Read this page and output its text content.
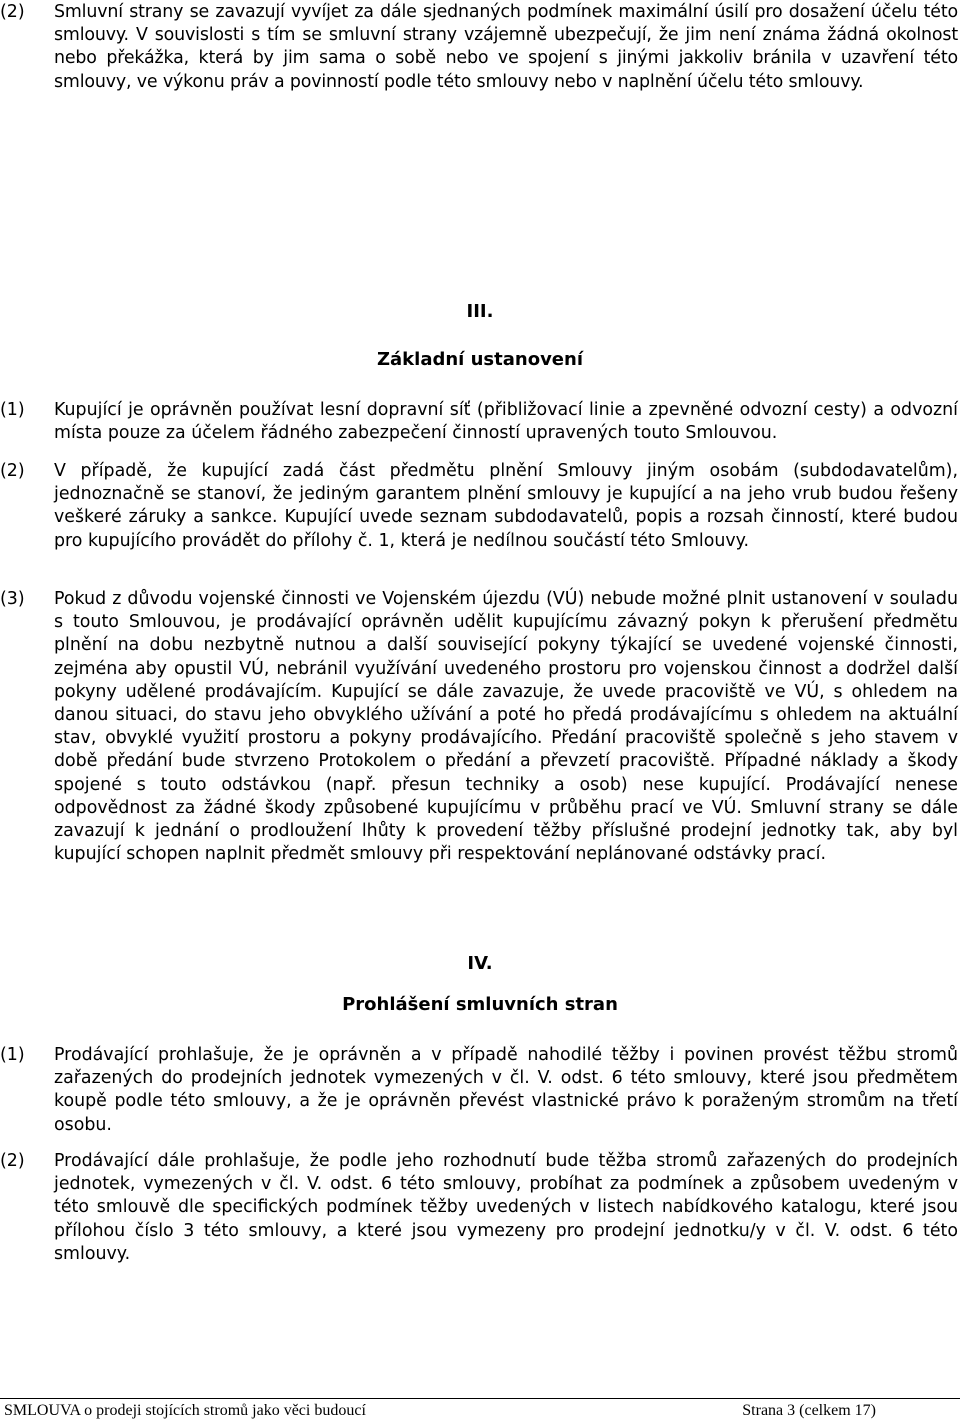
(2) Smluvní strany se zavazují vyvíjet za dále sjednaných podmínek maximální úsilí pro dosažení účelu této smlouvy. V souvislosti s tím se smluvní strany vzájemně ubezpečují, že jim není známa žádná okolnost nebo překážka, která by jim sama o sobě nebo ve spojení s jinými jakkoliv bránila v uzavření této smlouvy, ve výkonu práv a povinností podle této smlouvy nebo v naplnění účelu této smlouvy.
III.
Základní ustanovení
(1) Kupující je oprávněn používat lesní dopravní síť (přibližovací linie a zpevněné odvozní cesty) a odvozní místa pouze za účelem řádného zabezpečení činností upravených touto Smlouvou.
(2) V případě, že kupující zadá část předmětu plnění Smlouvy jiným osobám (subdodavatelům), jednoznačně se stanoví, že jediným garantem plnění smlouvy je kupující a na jeho vrub budou řešeny veškeré záruky a sankce. Kupující uvede seznam subdodavatelů, popis a rozsah činností, které budou pro kupujícího provádět do přílohy č. 1, která je nedílnou součástí této Smlouvy.
(3) Pokud z důvodu vojenské činnosti ve Vojenském újezdu (VÚ) nebude možné plnit ustanovení v souladu s touto Smlouvou, je prodávající oprávněn udělit kupujícímu závazný pokyn k přerušení předmětu plnění na dobu nezbytně nutnou a další související pokyny týkající se uvedené vojenské činnosti, zejména aby opustil VÚ, nebránil využívání uvedeného prostoru pro vojenskou činnost a dodržel další pokyny udělené prodávajícím. Kupující se dále zavazuje, že uvede pracoviště ve VÚ, s ohledem na danou situaci, do stavu jeho obvyklého užívání a poté ho předá prodávajícímu s ohledem na aktuální stav, obvyklé využití prostoru a pokyny prodávajícího. Předání pracoviště společně s jeho stavem v době předání bude stvrzeno Protokolem o předání a převzetí pracoviště. Případné náklady a škody spojené s touto odstávkou (např. přesun techniky a osob) nese kupující. Prodávající nenese odpovědnost za žádné škody způsobené kupujícímu v průběhu prací ve VÚ. Smluvní strany se dále zavazují k jednání o prodloužení lhůty k provedení těžby příslušné prodejní jednotky tak, aby byl kupující schopen naplnit předmět smlouvy při respektování neplánované odstávky prací.
IV.
Prohlášení smluvních stran
(1) Prodávající prohlašuje, že je oprávněn a v případě nahodilé těžby i povinen provést těžbu stromů zařazených do prodejních jednotek vymezených v čl. V. odst. 6 této smlouvy, které jsou předmětem koupě podle této smlouvy, a že je oprávněn převést vlastnické právo k poraženým stromům na třetí osobu.
(2) Prodávající dále prohlašuje, že podle jeho rozhodnutí bude těžba stromů zařazených do prodejních jednotek, vymezených v čl. V. odst. 6 této smlouvy, probíhat za podmínek a způsobem uvedeným v této smlouvě dle specifických podmínek těžby uvedených v listech nabídkového katalogu, které jsou přílohou číslo 3 této smlouvy, a které jsou vymezeny pro prodejní jednotku/y v čl. V. odst. 6 této smlouvy.
SMLOUVA o prodeji stojících stromů jako věci budoucí	Strana 3 (celkem 17)
